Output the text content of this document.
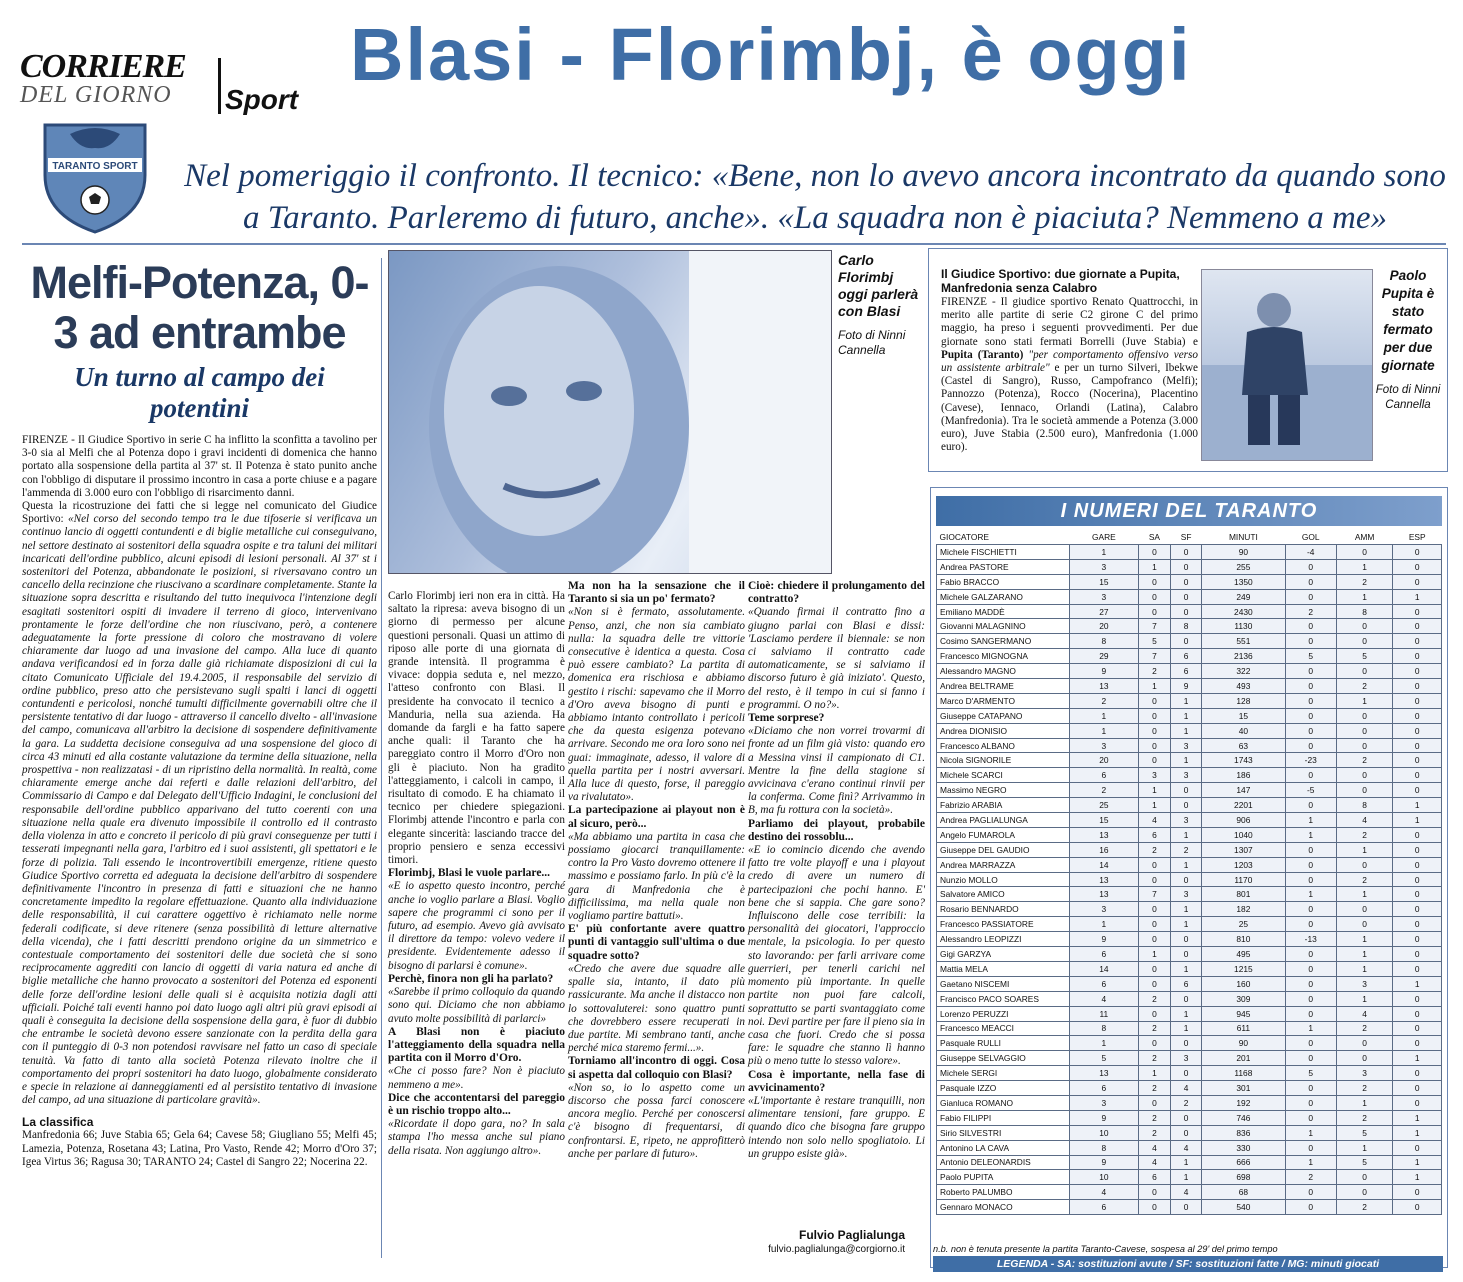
CORRIERE
DEL GIORNO	Sport
TARANTO SPORT
Blasi - Florimbj, è oggi
Nel pomeriggio il confronto. Il tecnico: «Bene, non lo avevo ancora incontrato da quando sono a Taranto. Parleremo di futuro, anche». «La squadra non è piaciuta? Nemmeno a me»
Melfi-Potenza, 0-3 ad entrambe
Un turno al campo dei potentini

FIRENZE - Il Giudice Sportivo in serie C ha inflitto la sconfitta a tavolino per 3-0 sia al Melfi che al Potenza dopo i gravi incidenti di domenica che hanno portato alla sospensione della partita al 37' st. Il Potenza è stato punito anche con l'obbligo di disputare il prossimo incontro in casa a porte chiuse e a pagare l'ammenda di 3.000 euro con l'obbligo di risarcimento danni.

Questa la ricostruzione dei fatti che si legge nel comunicato del Giudice Sportivo: «Nel corso del secondo tempo tra le due tifoserie si verificava un continuo lancio di oggetti contundenti e di biglie metalliche cui conseguivano, nel settore destinato ai sostenitori della squadra ospite e tra taluni dei militari incaricati dell'ordine pubblico, alcuni episodi di lesioni personali. Al 37' st i sostenitori del Potenza, abbandonate le posizioni, si riversavano contro un cancello della recinzione che riuscivano a scardinare completamente. Stante la situazione sopra descritta e risultando del tutto inequivoca l'intenzione degli esagitati sostenitori ospiti di invadere il terreno di gioco, intervenivano prontamente le forze dell'ordine che non riuscivano, però, a contenere adeguatamente la forte pressione di coloro che mostravano di volere chiaramente dar luogo ad una invasione del campo. Alla luce di quanto andava verificandosi ed in forza dalle già richiamate disposizioni di cui la citato Comunicato Ufficiale del 19.4.2005, il responsabile del servizio di ordine pubblico, preso atto che persistevano sugli spalti i lanci di oggetti contundenti e pericolosi, nonché tumulti difficilmente governabili oltre che il persistente tentativo di dar luogo - attraverso il cancello divelto - all'invasione del campo, comunicava all'arbitro la decisione di sospendere definitivamente la gara. La suddetta decisione conseguiva ad una sospensione del gioco di circa 43 minuti ed alla costante valutazione da termine della situazione, nella prospettiva - non realizzatasi - di un ripristino della normalità. In realtà, come chiaramente emerge anche dai referti e dalle relazioni dell'arbitro, del Commissario di Campo e dal Delegato dell'Ufficio Indagini, le conclusioni del responsabile dell'ordine pubblico apparivano del tutto coerenti con una situazione nella quale era divenuto impossibile il controllo ed il contrasto della violenza in atto e concreto il pericolo di più gravi conseguenze per tutti i tesserati impegnanti nella gara, l'arbitro ed i suoi assistenti, gli spettatori e le forze di polizia. Tali essendo le incontrovertibili emergenze, ritiene questo Giudice Sportivo corretta ed adeguata la decisione dell'arbitro di sospendere definitivamente l'incontro in presenza di fatti e situazioni che ne hanno concretamente impedito la regolare effettuazione. Quanto alla individuazione delle responsabilità, il cui carattere oggettivo è richiamato nelle norme federali codificate, si deve ritenere (senza possibilità di letture alternative della vicenda), che i fatti descritti prendono origine da un simmetrico e contestuale comportamento dei sostenitori delle due società che si sono reciprocamente aggrediti con lancio di oggetti di varia natura ed anche di biglie metalliche che hanno provocato a sostenitori del Potenza ed esponenti delle forze dell'ordine lesioni delle quali si è acquisita notizia dagli atti ufficiali. Poiché tali eventi hanno poi dato luogo agli altri più gravi episodi ai quali è conseguita la decisione della sospensione della gara, è fuor di dubbio che entrambe le società devono essere sanzionate con la perdita della gara con il punteggio di 0-3 non potendosi ravvisare nel fatto un caso di speciale tenuità. Va fatto di tanto alla società Potenza rilevato inoltre che il comportamento dei propri sostenitori ha dato luogo, globalmente considerato e specie in relazione ai danneggiamenti ed al persistito tentativo di invasione del campo, ad una situazione di particolare gravità».

La classifica
Manfredonia 66; Juve Stabia 65; Gela 64; Cavese 58; Giugliano 55; Melfi 45; Lamezia, Potenza, Rosetana 43; Latina, Pro Vasto, Rende 42; Morro d'Oro 37; Igea Virtus 36; Ragusa 30; TARANTO 24; Castel di Sangro 22; Nocerina 22.
Carlo Florimbj oggi parlerà con Blasi
Foto di Ninni Cannella

Carlo Florimbj ieri non era in città. Ha saltato la ripresa: aveva bisogno di un giorno di permesso per alcune questioni personali. Quasi un attimo di riposo alle porte di una giornata di grande intensità. Il programma è vivace: doppia seduta e, nel mezzo, l'atteso confronto con Blasi. Il presidente ha convocato il tecnico a Manduria, nella sua azienda. Ha domande da fargli e ha fatto sapere anche quali: il Taranto che ha pareggiato contro il Morro d'Oro non gli è piaciuto. Non ha gradito l'atteggiamento, i calcoli in campo, il risultato di comodo. E ha chiamato il tecnico per chiedere spiegazioni. Florimbj attende l'incontro e parla con elegante sincerità: lasciando tracce del proprio pensiero e senza eccessivi timori.

Florimbj, Blasi le vuole parlare...

«E io aspetto questo incontro, perché anche io voglio parlare a Blasi. Voglio sapere che programmi ci sono per il futuro, ad esempio. Avevo già avvisato il direttore da tempo: volevo vedere il presidente. Evidentemente adesso il bisogno di parlarsi è comune».

Perchè, finora non gli ha parlato?

«Sarebbe il primo colloquio da quando sono qui. Diciamo che non abbiamo avuto molte possibilità di parlarci»

A Blasi non è piaciuto l'atteggiamento della squadra nella partita con il Morro d'Oro.

«Che ci posso fare? Non è piaciuto nemmeno a me».

Dice che accontentarsi del pareggio è un rischio troppo alto...

«Ricordate il dopo gara, no? In sala stampa l'ho messa anche sul piano della risata. Non aggiungo altro».

Ma non ha la sensazione che il Taranto si sia un po' fermato?

«Non si è fermato, assolutamente. Penso, anzi, che non sia cambiato nulla: la squadra delle tre vittorie consecutive è identica a questa. Cosa può essere cambiato? La partita di domenica era rischiosa e abbiamo gestito i rischi: sapevamo che il Morro d'Oro aveva bisogno di punti e abbiamo intanto controllato i pericoli che da questa esigenza potevano arrivare. Secondo me ora loro sono nei guai: immaginate, adesso, il valore di quella partita per i nostri avversari. Alla luce di questo, forse, il pareggio va rivalutato».

La partecipazione ai playout non è al sicuro, però...

«Ma abbiamo una partita in casa che possiamo giocarci tranquillamente: contro la Pro Vasto dovremo ottenere il massimo e possiamo farlo. In più c'è la gara di Manfredonia che è difficilissima, ma nella quale non vogliamo partire battuti».

E' più confortante avere quattro punti di vantaggio sull'ultima o due squadre sotto?

«Credo che avere due squadre alle spalle sia, intanto, il dato più rassicurante. Ma anche il distacco non lo sottovaluterei: sono quattro punti che dovrebbero essere recuperati in due partite. Mi sembrano tanti, anche perché mica staremo fermi...».

Torniamo all'incontro di oggi. Cosa si aspetta dal colloquio con Blasi?

«Non so, io lo aspetto come un discorso che possa farci conoscere ancora meglio. Perché per conoscersi c'è bisogno di frequentarsi, di confrontarsi. E, ripeto, ne approfitterò anche per parlare di futuro».

Cioè: chiedere il prolungamento del contratto?

«Quando firmai il contratto fino a giugno parlai con Blasi e dissi: 'Lasciamo perdere il biennale: se non ci salviamo il contratto cade automaticamente, se si salviamo il discorso futuro è già iniziato'. Questo, del resto, è il tempo in cui si fanno i programmi. O no?».

Teme sorprese?

«Diciamo che non vorrei trovarmi di fronte ad un film già visto: quando ero a Messina vinsi il campionato di C1. Mentre la fine della stagione si avvicinava c'erano continui rinvii per la conferma. Come finì? Arrivammo in B, ma fu rottura con la società».

Parliamo dei playout, probabile destino dei rossoblu...

«E io comincio dicendo che avendo fatto tre volte playoff e una i playout credo di avere un numero di partecipazioni che pochi hanno. E' bene che si sappia. Che gare sono? Influiscono delle cose terribili: la personalità dei giocatori, l'approccio mentale, la psicologia. Io per questo sto lavorando: per farli arrivare come guerrieri, per tenerli carichi nel momento più importante. In quelle partite non puoi fare calcoli, soprattutto se parti svantaggiato come noi. Devi partire per fare il pieno sia in casa che fuori. Credo che si possa fare: le squadre che stanno lì hanno più o meno tutte lo stesso valore».

Cosa è importante, nella fase di avvicinamento?

«L'importante è restare tranquilli, non alimentare tensioni, fare gruppo. E quando dico che bisogna fare gruppo intendo non solo nello spogliatoio. Li un gruppo esiste già».

Fulvio Paglialunga
fulvio.paglialunga@corgiorno.it
Il Giudice Sportivo: due giornate a Pupita, Manfredonia senza Calabro
FIRENZE - Il giudice sportivo Renato Quattrocchi, in merito alle partite di serie C2 girone C del primo maggio, ha preso i seguenti provvedimenti. Per due giornate sono stati fermati Borrelli (Juve Stabia) e Pupita (Taranto) "per comportamento offensivo verso un assistente arbitrale" e per un turno Silveri, Ibekwe (Castel di Sangro), Russo, Campofranco (Melfi); Pannozzo (Potenza), Rocco (Nocerina), Placentino (Cavese), Iennaco, Orlandi (Latina), Calabro (Manfredonia). Tra le società ammende a Potenza (3.000 euro), Juve Stabia (2.500 euro), Manfredonia (1.000 euro).
Paolo Pupita è stato fermato per due giornate
Foto di Ninni Cannella
I NUMERI DEL TARANTO
GIOCATORE	GARE	SA	SF	MINUTI	GOL	AMM	ESP
Michele FISCHIETTI	1	0	0	90	-4	0	0
Andrea PASTORE	3	1	0	255	0	1	0
Fabio BRACCO	15	0	0	1350	0	2	0
Michele GALZARANO	3	0	0	249	0	1	1
Emiliano MADDÈ	27	0	0	2430	2	8	0
Giovanni MALAGNINO	20	7	8	1130	0	0	0
Cosimo SANGERMANO	8	5	0	551	0	0	0
Francesco MIGNOGNA	29	7	6	2136	5	5	0
Alessandro MAGNO	9	2	6	322	0	0	0
Andrea BELTRAME	13	1	9	493	0	2	0
Marco D'ARMENTO	2	0	1	128	0	1	0
Giuseppe CATAPANO	1	0	1	15	0	0	0
Andrea DIONISIO	1	0	1	40	0	0	0
Francesco ALBANO	3	0	3	63	0	0	0
Nicola SIGNORILE	20	0	1	1743	-23	2	0
Michele SCARCI	6	3	3	186	0	0	0
Massimo NEGRO	2	1	0	147	-5	0	0
Fabrizio ARABIA	25	1	0	2201	0	8	1
Andrea PAGLIALUNGA	15	4	3	906	1	4	1
Angelo FUMAROLA	13	6	1	1040	1	2	0
Giuseppe DEL GAUDIO	16	2	2	1307	0	1	0
Andrea MARRAZZA	14	0	1	1203	0	0	0
Nunzio MOLLO	13	0	0	1170	0	2	0
Salvatore AMICO	13	7	3	801	1	1	0
Rosario BENNARDO	3	0	1	182	0	0	0
Francesco PASSIATORE	1	0	1	25	0	0	0
Alessandro LEOPIZZI	9	0	0	810	-13	1	0
Gigi GARZYA	6	1	0	495	0	1	0
Mattia MELA	14	0	1	1215	0	1	0
Gaetano NISCEMI	6	0	6	160	0	3	1
Francisco PACO SOARES	4	2	0	309	0	1	0
Lorenzo PERUZZI	11	0	1	945	0	4	0
Francesco MEACCI	8	2	1	611	1	2	0
Pasquale RULLI	1	0	0	90	0	0	0
Giuseppe SELVAGGIO	5	2	3	201	0	0	1
Michele SERGI	13	1	0	1168	5	3	0
Pasquale IZZO	6	2	4	301	0	2	0
Gianluca ROMANO	3	0	2	192	0	1	0
Fabio FILIPPI	9	2	0	746	0	2	1
Sirio SILVESTRI	10	2	0	836	1	5	1
Antonino LA CAVA	8	4	4	330	0	1	0
Antonio DELEONARDIS	9	4	1	666	1	5	1
Paolo PUPITA	10	6	1	698	2	0	1
Roberto PALUMBO	4	0	4	68	0	0	0
Gennaro MONACO	6	0	0	540	0	2	0
n.b. non è tenuta presente la partita Taranto-Cavese, sospesa al 29' del primo tempo
LEGENDA - SA: sostituzioni avute / SF: sostituzioni fatte / MG: minuti giocati
